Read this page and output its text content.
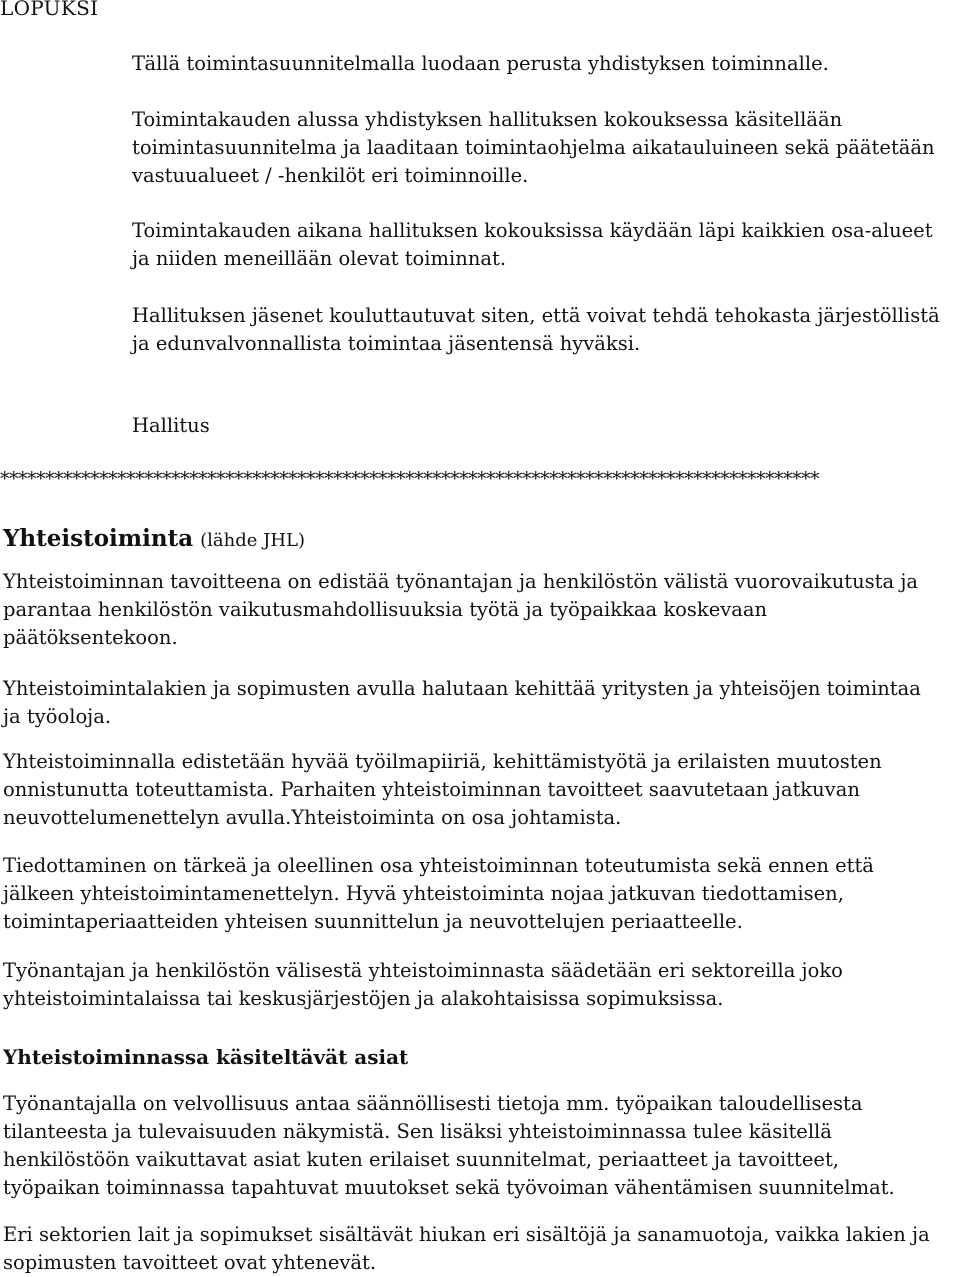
LOPUKSI

Tällä toimintasuunnitelmalla luodaan perusta yhdistyksen toiminnalle.

Toimintakauden alussa yhdistyksen hallituksen kokouksessa käsitellään

toimintasuunnitelma ja laaditaan toimintaohjelma aikatauluineen sekä päätetään

vastuualueet / -henkilöt eri toiminnoille.

Toimintakauden aikana hallituksen kokouksissa käydään läpi kaikkien osa-alueet

ja niiden meneillään olevat toiminnat.

Hallituksen jäsenet kouluttautuvat siten, että voivat tehdä tehokasta järjestöllistä

ja edunvalvonnallista toimintaa jäsentensä hyväksi.

Hallitus
*******************************************************************************************
Yhteistoiminta (lähde JHL)

Yhteistoiminnan tavoitteena on edistää työnantajan ja henkilöstön välistä vuorovaikutusta ja

parantaa henkilöstön vaikutusmahdollisuuksia työtä ja työpaikkaa koskevaan

päätöksentekoon.

Yhteistoimintalakien ja sopimusten avulla halutaan kehittää yritysten ja yhteisöjen toimintaa

ja työoloja.

Yhteistoiminnalla edistetään hyvää työilmapiiriä, kehittämistyötä ja erilaisten muutosten

onnistunutta toteuttamista. Parhaiten yhteistoiminnan tavoitteet saavutetaan jatkuvan

neuvottelumenettelyn avulla.Yhteistoiminta on osa johtamista.

Tiedottaminen on tärkeä ja oleellinen osa yhteistoiminnan toteutumista sekä ennen että

jälkeen yhteistoimintamenettelyn. Hyvä yhteistoiminta nojaa jatkuvan tiedottamisen,

toimintaperiaatteiden yhteisen suunnittelun ja neuvottelujen periaatteelle.

Työnantajan ja henkilöstön välisestä yhteistoiminnasta säädetään eri sektoreilla joko

yhteistoimintalaissa tai keskusjärjestöjen ja alakohtaisissa sopimuksissa.

Yhteistoiminnassa käsiteltävät asiat

Työnantajalla on velvollisuus antaa säännöllisesti tietoja mm. työpaikan taloudellisesta

tilanteesta ja tulevaisuuden näkymistä. Sen lisäksi yhteistoiminnassa tulee käsitellä

henkilöstöön vaikuttavat asiat kuten erilaiset suunnitelmat, periaatteet ja tavoitteet,

työpaikan toiminnassa tapahtuvat muutokset sekä työvoiman vähentämisen suunnitelmat.

Eri sektorien lait ja sopimukset sisältävät hiukan eri sisältöjä ja sanamuotoja, vaikka lakien ja

sopimusten tavoitteet ovat yhtenevät.
